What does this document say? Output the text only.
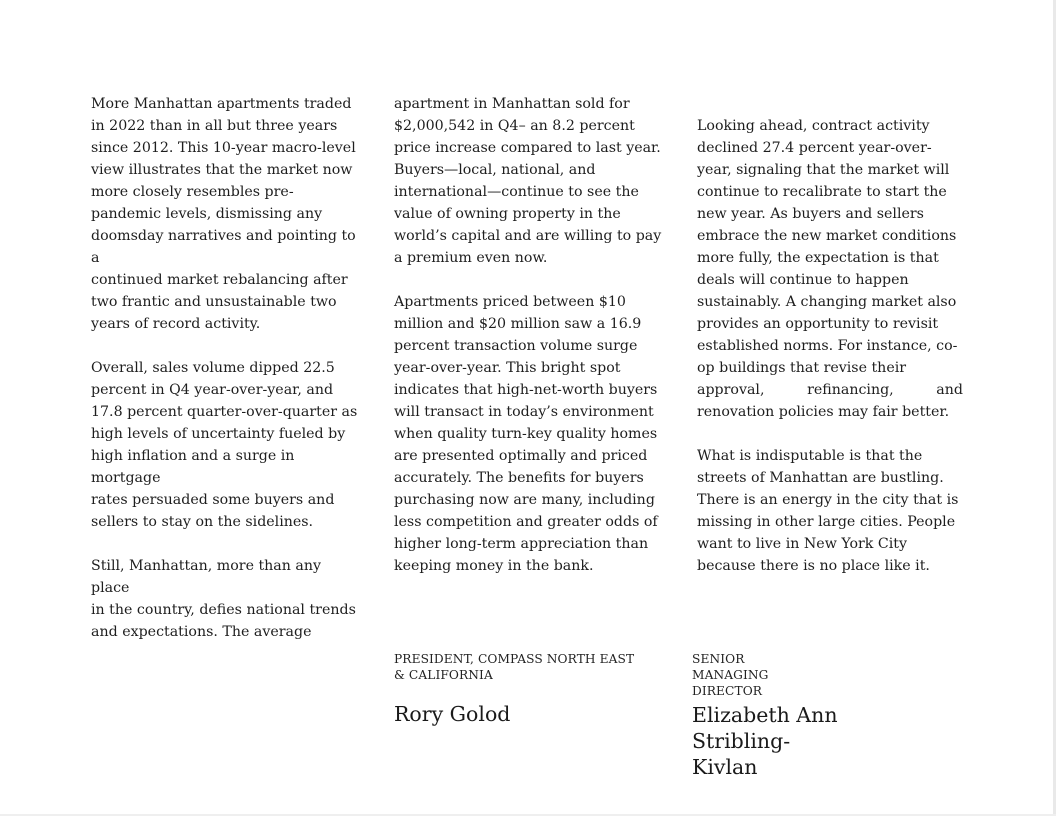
More Manhattan apartments traded
in 2022 than in all but three years
since 2012. This 10-year macro-level
view illustrates that the market now
more closely resembles pre-
pandemic levels, dismissing any
doomsday narratives and pointing to
a
continued market rebalancing after
two frantic and unsustainable two
years of record activity.

Overall, sales volume dipped 22.5
percent in Q4 year-over-year, and
17.8 percent quarter-over-quarter as
high levels of uncertainty fueled by
high inflation and a surge in
mortgage
rates persuaded some buyers and
sellers to stay on the sidelines.

Still, Manhattan, more than any place
in the country, defies national trends
and expectations. The average

apartment in Manhattan sold for
$2,000,542 in Q4– an 8.2 percent
price increase compared to last year.
Buyers—local, national, and
international—continue to see the
value of owning property in the
world’s capital and are willing to pay
a premium even now.

Apartments priced between $10
million and $20 million saw a 16.9
percent transaction volume surge
year-over-year. This bright spot
indicates that high-net-worth buyers
will transact in today’s environment
when quality turn-key quality homes
are presented optimally and priced
accurately. The benefits for buyers
purchasing now are many, including
less competition and greater odds of
higher long-term appreciation than
keeping money in the bank.

Looking ahead, contract activity
declined 27.4 percent year-over-
year, signaling that the market will
continue to recalibrate to start the
new year. As buyers and sellers
embrace the new market conditions
more fully, the expectation is that
deals will continue to happen
sustainably. A changing market also
provides an opportunity to revisit
established norms. For instance, co-
op buildings that revise their

approval, refinancing, and
renovation policies may fair better.

What is indisputable is that the
streets of Manhattan are bustling.
There is an energy in the city that is
missing in other large cities. People
want to live in New York City
because there is no place like it.

PRESIDENT, COMPASS NORTH EAST
& CALIFORNIA
Rory Golod
SENIOR
MANAGING
DIRECTOR
Elizabeth Ann
Stribling-
Kivlan
